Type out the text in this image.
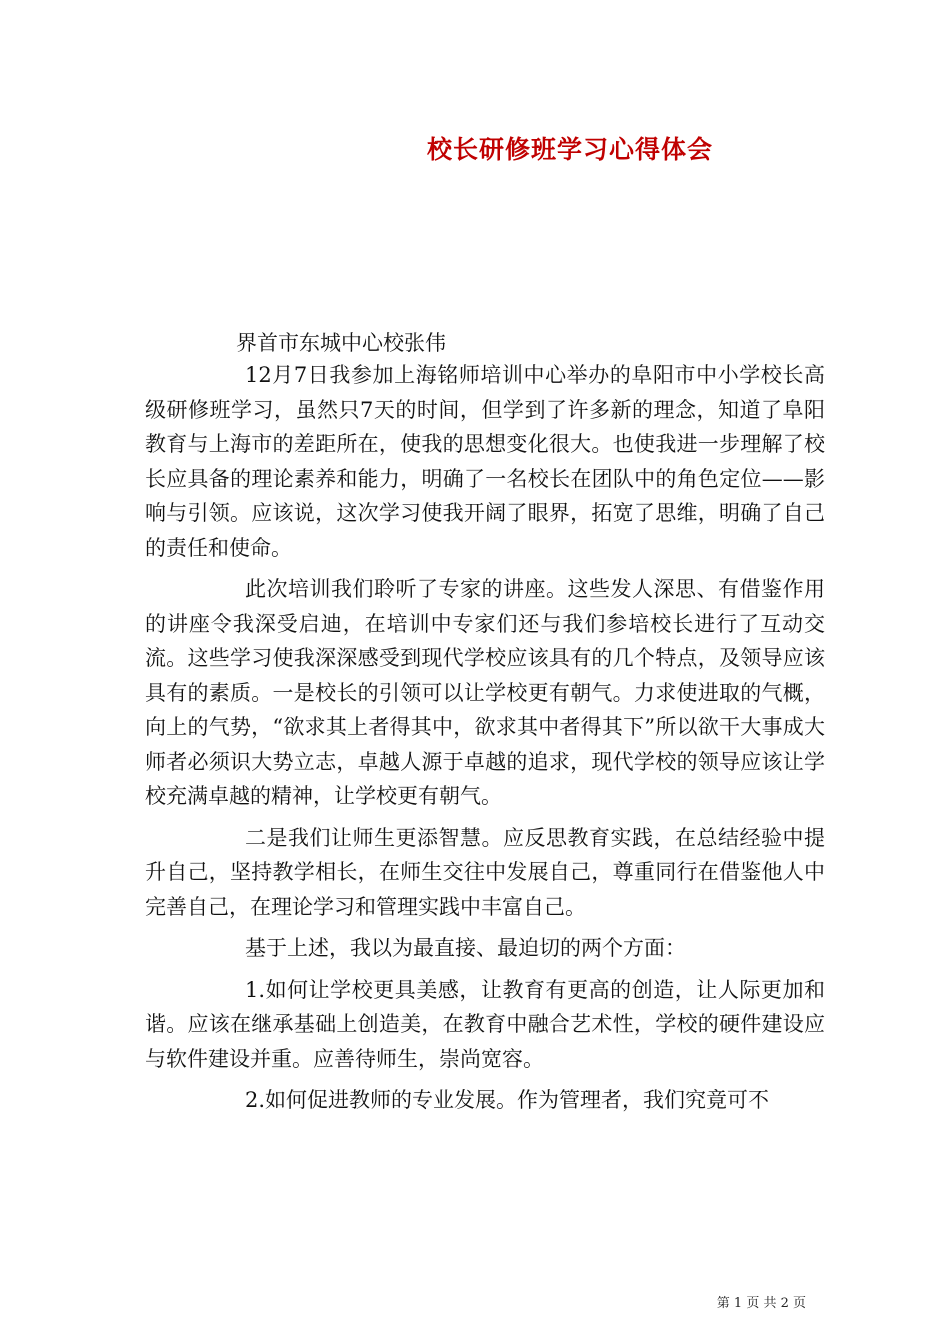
校长研修班学习心得体会
界首市东城中心校张伟

12月7日我参加上海铭师培训中心举办的阜阳市中小学校长高级研修班学习，虽然只7天的时间，但学到了许多新的理念，知道了阜阳教育与上海市的差距所在，使我的思想变化很大。也使我进一步理解了校长应具备的理论素养和能力，明确了一名校长在团队中的角色定位——影响与引领。应该说，这次学习使我开阔了眼界，拓宽了思维，明确了自己的责任和使命。

此次培训我们聆听了专家的讲座。这些发人深思、有借鉴作用的讲座令我深受启迪，在培训中专家们还与我们参培校长进行了互动交流。这些学习使我深深感受到现代学校应该具有的几个特点，及领导应该具有的素质。一是校长的引领可以让学校更有朝气。力求使进取的气概，向上的气势，“欲求其上者得其中，欲求其中者得其下”所以欲干大事成大师者必须识大势立志，卓越人源于卓越的追求，现代学校的领导应该让学校充满卓越的精神，让学校更有朝气。

二是我们让师生更添智慧。应反思教育实践，在总结经验中提升自己，坚持教学相长，在师生交往中发展自己，尊重同行在借鉴他人中完善自己，在理论学习和管理实践中丰富自己。

基于上述，我以为最直接、最迫切的两个方面：

1.如何让学校更具美感，让教育有更高的创造，让人际更加和谐。应该在继承基础上创造美，在教育中融合艺术性，学校的硬件建设应与软件建设并重。应善待师生，崇尚宽容。

2.如何促进教师的专业发展。作为管理者，我们究竟可不

第 1 页 共 2 页
